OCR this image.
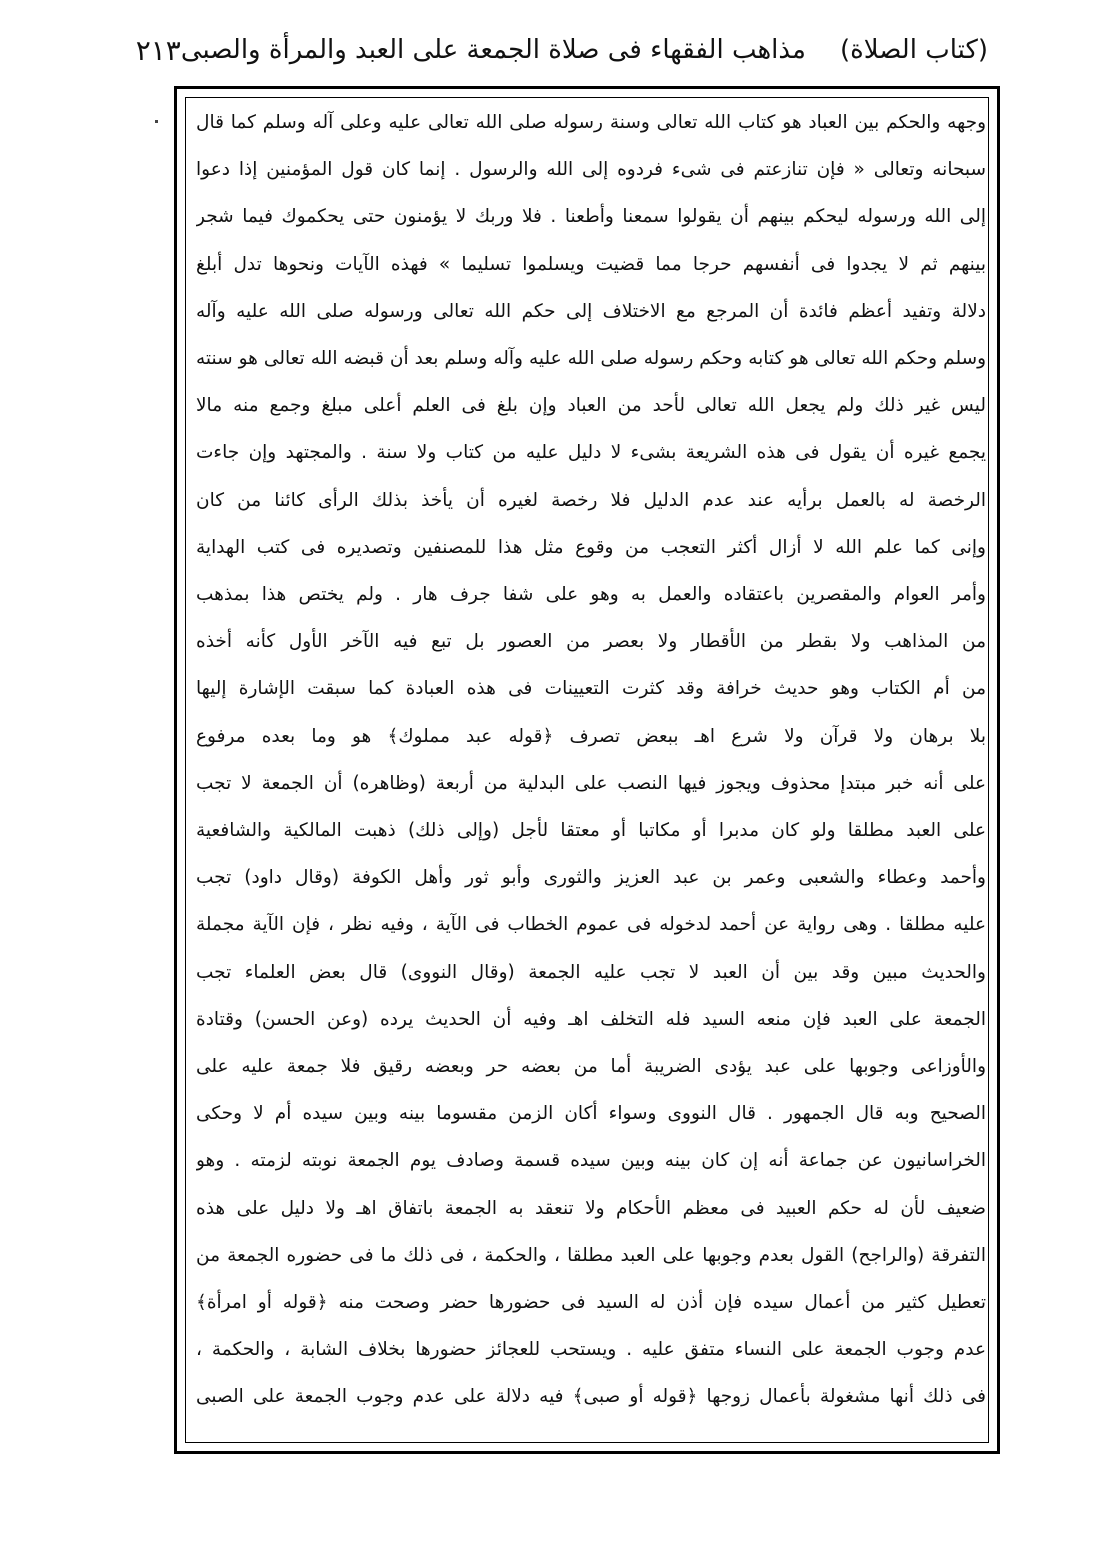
(كتاب الصلاة)
مذاهب الفقهاء فى صلاة الجمعة على العبد والمرأة والصبى
٢١٣
وجهه والحكم بين العباد هو كتاب الله تعالى وسنة رسوله صلى الله تعالى عليه وعلى آله وسلم كما قال
سبحانه وتعالى « فإن تنازعتم فى شىء فردوه إلى الله والرسول . إنما كان قول المؤمنين إذا دعوا
إلى الله ورسوله ليحكم بينهم أن يقولوا سمعنا وأطعنا . فلا وربك لا يؤمنون حتى يحكموك فيما شجر
بينهم ثم لا يجدوا فى أنفسهم حرجا مما قضيت ويسلموا تسليما » فهذه الآيات ونحوها تدل أبلغ
دلالة وتفيد أعظم فائدة أن المرجع مع الاختلاف إلى حكم الله تعالى ورسوله صلى الله عليه وآله
وسلم وحكم الله تعالى هو كتابه وحكم رسوله صلى الله عليه وآله وسلم بعد أن قبضه الله تعالى هو سنته
ليس غير ذلك ولم يجعل الله تعالى لأحد من العباد وإن بلغ فى العلم أعلى مبلغ وجمع منه مالا
يجمع غيره أن يقول فى هذه الشريعة بشىء لا دليل عليه من كتاب ولا سنة . والمجتهد وإن جاءت
الرخصة له بالعمل برأيه عند عدم الدليل فلا رخصة لغيره أن يأخذ بذلك الرأى كائنا من كان
وإنى كما علم الله لا أزال أكثر التعجب من وقوع مثل هذا للمصنفين وتصديره فى كتب الهداية
وأمر العوام والمقصرين باعتقاده والعمل به وهو على شفا جرف هار . ولم يختص هذا بمذهب
من المذاهب ولا بقطر من الأقطار ولا بعصر من العصور بل تبع فيه الآخر الأول كأنه أخذه
من أم الكتاب وهو حديث خرافة وقد كثرت التعيينات فى هذه العبادة كما سبقت الإشارة إليها
بلا برهان ولا قرآن ولا شرع اهـ ببعض تصرف ﴿قوله عبد مملوك﴾ هو وما بعده مرفوع
على أنه خبر مبتدإ محذوف ويجوز فيها النصب على البدلية من أربعة (وظاهره) أن الجمعة لا تجب
على العبد مطلقا ولو كان مدبرا أو مكاتبا أو معتقا لأجل (وإلى ذلك) ذهبت المالكية والشافعية
وأحمد وعطاء والشعبى وعمر بن عبد العزيز والثورى وأبو ثور وأهل الكوفة (وقال داود) تجب
عليه مطلقا . وهى رواية عن أحمد لدخوله فى عموم الخطاب فى الآية ، وفيه نظر ، فإن الآية مجملة
والحديث مبين وقد بين أن العبد لا تجب عليه الجمعة (وقال النووى) قال بعض العلماء تجب
الجمعة على العبد فإن منعه السيد فله التخلف اهـ وفيه أن الحديث يرده (وعن الحسن) وقتادة
والأوزاعى وجوبها على عبد يؤدى الضريبة أما من بعضه حر وبعضه رقيق فلا جمعة عليه على
الصحيح وبه قال الجمهور . قال النووى وسواء أكان الزمن مقسوما بينه وبين سيده أم لا وحكى
الخراسانيون عن جماعة أنه إن كان بينه وبين سيده قسمة وصادف يوم الجمعة نوبته لزمته . وهو
ضعيف لأن له حكم العبيد فى معظم الأحكام ولا تنعقد به الجمعة باتفاق اهـ ولا دليل على هذه
التفرقة (والراجح) القول بعدم وجوبها على العبد مطلقا ، والحكمة ، فى ذلك ما فى حضوره الجمعة من
تعطيل كثير من أعمال سيده فإن أذن له السيد فى حضورها حضر وصحت منه ﴿قوله أو امرأة﴾
عدم وجوب الجمعة على النساء متفق عليه . ويستحب للعجائز حضورها بخلاف الشابة ، والحكمة ،
فى ذلك أنها مشغولة بأعمال زوجها ﴿قوله أو صبى﴾ فيه دلالة على عدم وجوب الجمعة على الصبى
